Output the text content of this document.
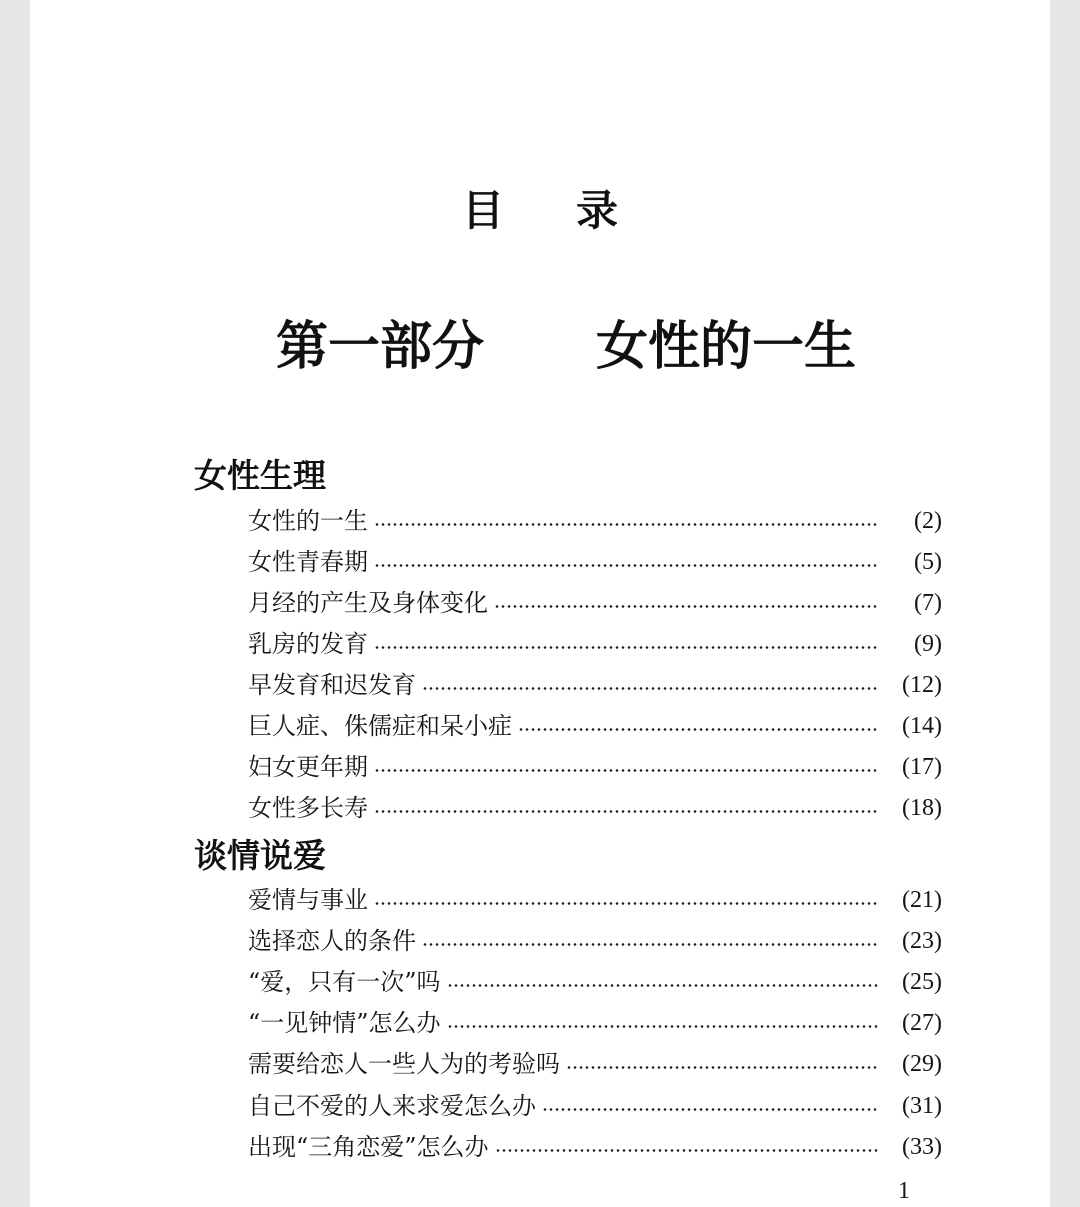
目录
第一部分 女性的一生
女性生理
女性的一生	(2)
女性青春期	(5)
月经的产生及身体变化	(7)
乳房的发育	(9)
早发育和迟发育	(12)
巨人症、侏儒症和呆小症	(14)
妇女更年期	(17)
女性多长寿	(18)
谈情说爱
爱情与事业	(21)
选择恋人的条件	(23)
“爱，只有一次”吗	(25)
“一见钟情”怎么办	(27)
需要给恋人一些人为的考验吗	(29)
自己不爱的人来求爱怎么办	(31)
出现“三角恋爱”怎么办	(33)
1
